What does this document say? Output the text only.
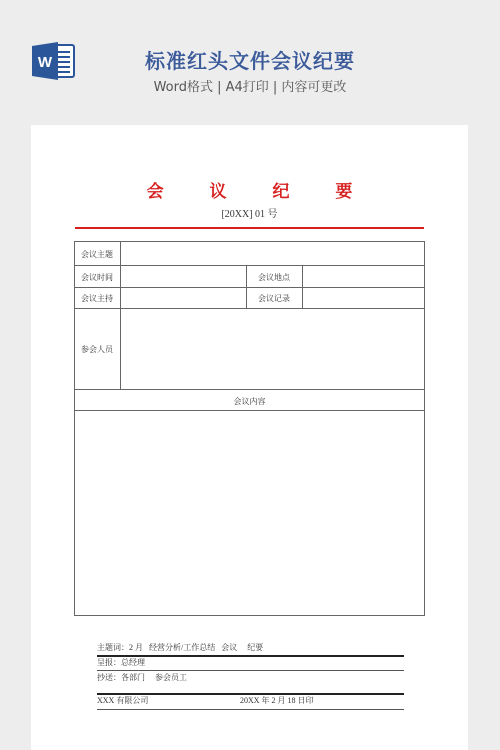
W	标准红头文件会议纪要
Word格式 | A4打印 | 内容可更改
会 议 纪 要
[20XX] 01 号
会议主题
会议时间	会议地点
会议主持	会议记录
参会人员
会议内容
主题词：2 月   经营分析/工作总结   会议     纪要
呈报：总经理
抄送：各部门     参会员工
XXX 有限公司	20XX 年 2 月 18 日印
